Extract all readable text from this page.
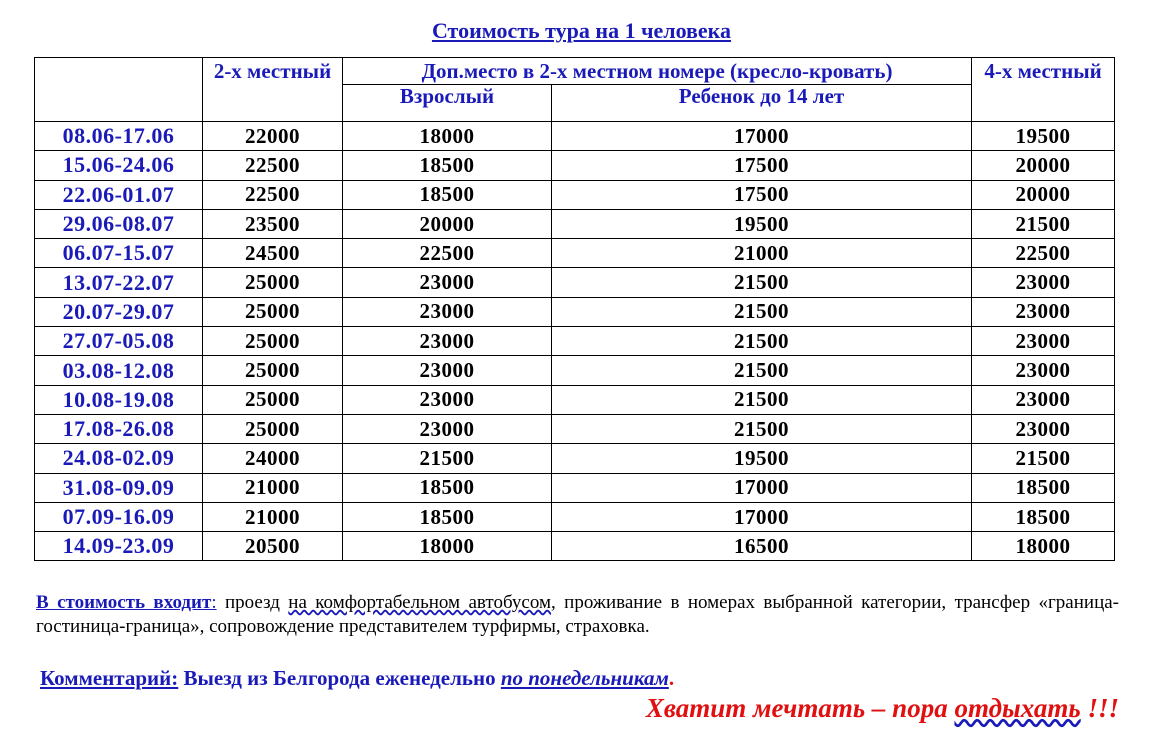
Стоимость тура на 1 человека
	2-х местный	Доп.место в 2-х местном номере (кресло-кровать)		4-х местный
		Взрослый	Ребенок до 14 лет	
08.06-17.06	22000	18000	17000	19500
15.06-24.06	22500	18500	17500	20000
22.06-01.07	22500	18500	17500	20000
29.06-08.07	23500	20000	19500	21500
06.07-15.07	24500	22500	21000	22500
13.07-22.07	25000	23000	21500	23000
20.07-29.07	25000	23000	21500	23000
27.07-05.08	25000	23000	21500	23000
03.08-12.08	25000	23000	21500	23000
10.08-19.08	25000	23000	21500	23000
17.08-26.08	25000	23000	21500	23000
24.08-02.09	24000	21500	19500	21500
31.08-09.09	21000	18500	17000	18500
07.09-16.09	21000	18500	17000	18500
14.09-23.09	20500	18000	16500	18000
В стоимость входит: проезд на комфортабельном автобусом, проживание в номерах выбранной категории, трансфер «граница-гостиница-граница», сопровождение представителем турфирмы, страховка.
Комментарий: Выезд из Белгорода еженедельно по понедельникам.
Хватит мечтать – пора отдыхать !!!
